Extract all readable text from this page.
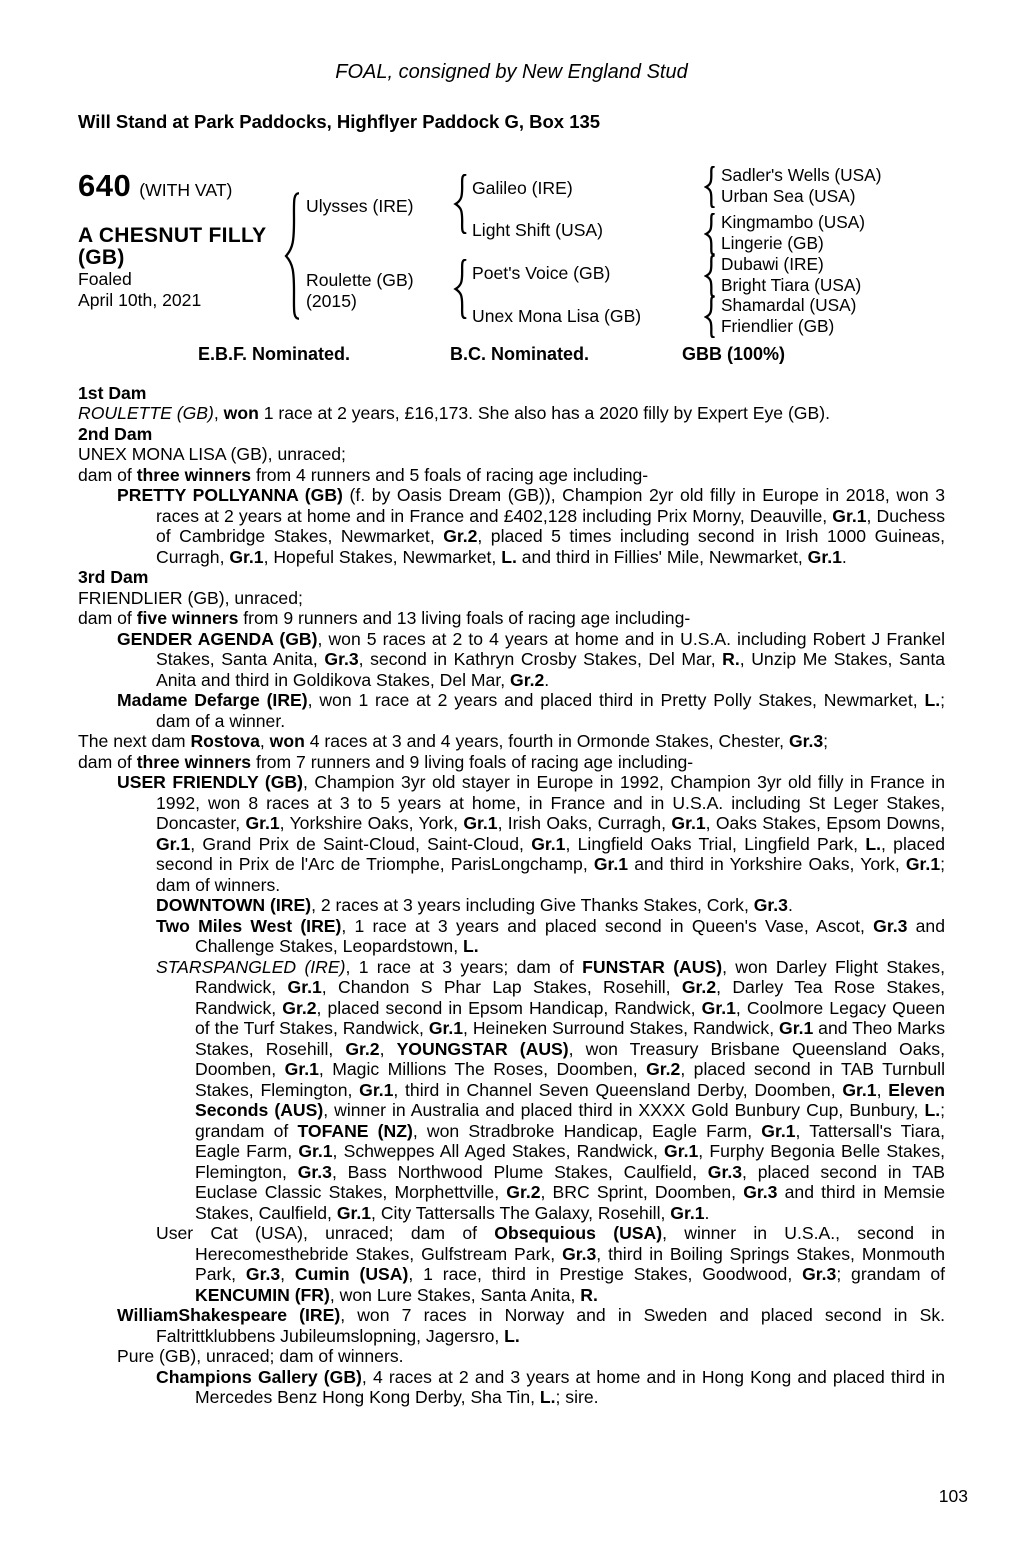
FOAL, consigned by New England Stud

Will Stand at Park Paddocks, Highflyer Paddock G, Box 135

640 (WITH VAT)
A CHESNUT FILLY
(GB)
Foaled
April 10th, 2021
Ulysses (IRE)
Roulette (GB)
(2015)
Galileo (IRE)
Light Shift (USA)
Poet's Voice (GB)
Unex Mona Lisa (GB)
Sadler's Wells (USA)
Urban Sea (USA)
Kingmambo (USA)
Lingerie (GB)
Dubawi (IRE)
Bright Tiara (USA)
Shamardal (USA)
Friendlier (GB)
E.B.F. Nominated.	B.C. Nominated.	GBB (100%)

1st Dam

ROULETTE (GB), won 1 race at 2 years, £16,173. She also has a 2020 filly by Expert Eye (GB).

2nd Dam

UNEX MONA LISA (GB), unraced;

dam of three winners from 4 runners and 5 foals of racing age including-

PRETTY POLLYANNA (GB) (f. by Oasis Dream (GB)), Champion 2yr old filly in Europe in 2018, won 3 races at 2 years at home and in France and £402,128 including Prix Morny, Deauville, Gr.1, Duchess of Cambridge Stakes, Newmarket, Gr.2, placed 5 times including second in Irish 1000 Guineas, Curragh, Gr.1, Hopeful Stakes, Newmarket, L. and third in Fillies' Mile, Newmarket, Gr.1.

3rd Dam

FRIENDLIER (GB), unraced;

dam of five winners from 9 runners and 13 living foals of racing age including-

GENDER AGENDA (GB), won 5 races at 2 to 4 years at home and in U.S.A. including Robert J Frankel Stakes, Santa Anita, Gr.3, second in Kathryn Crosby Stakes, Del Mar, R., Unzip Me Stakes, Santa Anita and third in Goldikova Stakes, Del Mar, Gr.2.

Madame Defarge (IRE), won 1 race at 2 years and placed third in Pretty Polly Stakes, Newmarket, L.; dam of a winner.

The next dam Rostova, won 4 races at 3 and 4 years, fourth in Ormonde Stakes, Chester, Gr.3;

dam of three winners from 7 runners and 9 living foals of racing age including-

USER FRIENDLY (GB), Champion 3yr old stayer in Europe in 1992, Champion 3yr old filly in France in 1992, won 8 races at 3 to 5 years at home, in France and in U.S.A. including St Leger Stakes, Doncaster, Gr.1, Yorkshire Oaks, York, Gr.1, Irish Oaks, Curragh, Gr.1, Oaks Stakes, Epsom Downs, Gr.1, Grand Prix de Saint-Cloud, Saint-Cloud, Gr.1, Lingfield Oaks Trial, Lingfield Park, L., placed second in Prix de l'Arc de Triomphe, ParisLongchamp, Gr.1 and third in Yorkshire Oaks, York, Gr.1; dam of winners.

DOWNTOWN (IRE), 2 races at 3 years including Give Thanks Stakes, Cork, Gr.3.

Two Miles West (IRE), 1 race at 3 years and placed second in Queen's Vase, Ascot, Gr.3 and Challenge Stakes, Leopardstown, L.

STARSPANGLED (IRE), 1 race at 3 years; dam of FUNSTAR (AUS), won Darley Flight Stakes, Randwick, Gr.1, Chandon S Phar Lap Stakes, Rosehill, Gr.2, Darley Tea Rose Stakes, Randwick, Gr.2, placed second in Epsom Handicap, Randwick, Gr.1, Coolmore Legacy Queen of the Turf Stakes, Randwick, Gr.1, Heineken Surround Stakes, Randwick, Gr.1 and Theo Marks Stakes, Rosehill, Gr.2, YOUNGSTAR (AUS), won Treasury Brisbane Queensland Oaks, Doomben, Gr.1, Magic Millions The Roses, Doomben, Gr.2, placed second in TAB Turnbull Stakes, Flemington, Gr.1, third in Channel Seven Queensland Derby, Doomben, Gr.1, Eleven Seconds (AUS), winner in Australia and placed third in XXXX Gold Bunbury Cup, Bunbury, L.; grandam of TOFANE (NZ), won Stradbroke Handicap, Eagle Farm, Gr.1, Tattersall's Tiara, Eagle Farm, Gr.1, Schweppes All Aged Stakes, Randwick, Gr.1, Furphy Begonia Belle Stakes, Flemington, Gr.3, Bass Northwood Plume Stakes, Caulfield, Gr.3, placed second in TAB Euclase Classic Stakes, Morphettville, Gr.2, BRC Sprint, Doomben, Gr.3 and third in Memsie Stakes, Caulfield, Gr.1, City Tattersalls The Galaxy, Rosehill, Gr.1.

User Cat (USA), unraced; dam of Obsequious (USA), winner in U.S.A., second in Herecomesthebride Stakes, Gulfstream Park, Gr.3, third in Boiling Springs Stakes, Monmouth Park, Gr.3, Cumin (USA), 1 race, third in Prestige Stakes, Goodwood, Gr.3; grandam of KENCUMIN (FR), won Lure Stakes, Santa Anita, R.

WilliamShakespeare (IRE), won 7 races in Norway and in Sweden and placed second in Sk. Faltrittklubbens Jubileumslopning, Jagersro, L.

Pure (GB), unraced; dam of winners.

Champions Gallery (GB), 4 races at 2 and 3 years at home and in Hong Kong and placed third in Mercedes Benz Hong Kong Derby, Sha Tin, L.; sire.

103
